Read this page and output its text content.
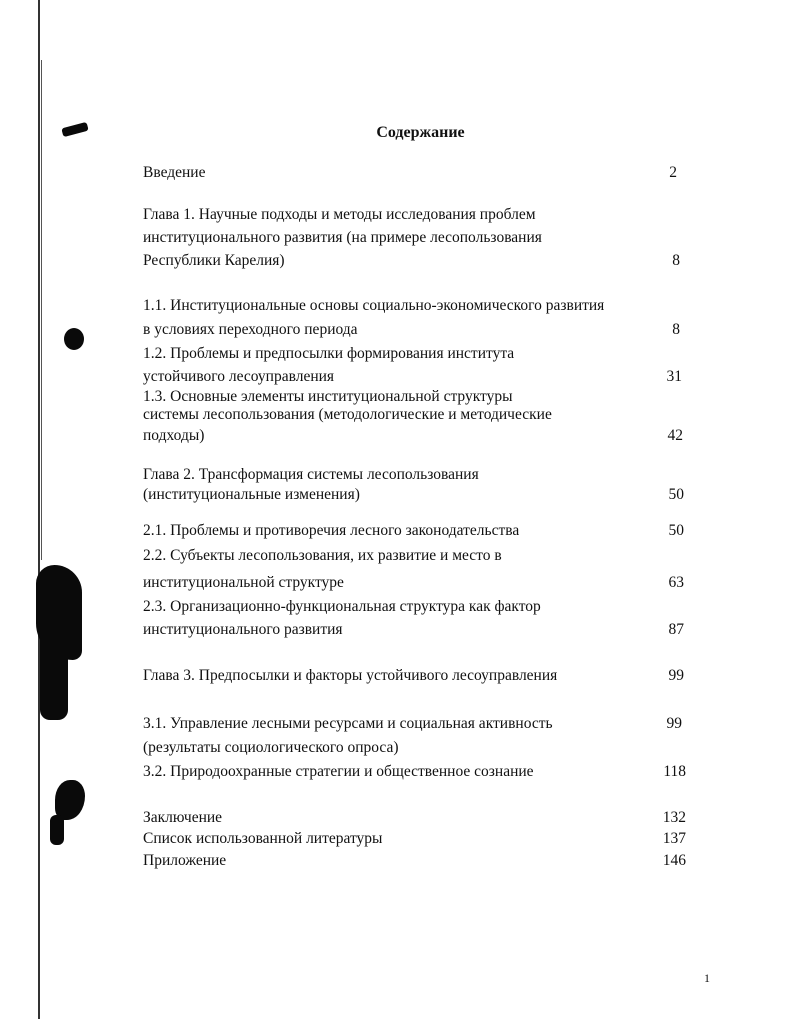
Содержание
Введение	2
Глава 1. Научные подходы и методы исследования проблем
институционального развития (на примере лесопользования
Республики Карелия)	8
1.1. Институциональные основы социально-экономического развития
в условиях переходного периода	8
1.2. Проблемы и предпосылки формирования института
устойчивого лесоуправления	31
1.3. Основные элементы институциональной структуры
системы лесопользования (методологические и методические
подходы)	42
Глава 2. Трансформация системы лесопользования
(институциональные изменения)	50
2.1. Проблемы и противоречия лесного законодательства	50
2.2. Субъекты лесопользования, их развитие и место в
институциональной структуре	63
2.3. Организационно-функциональная структура как фактор
институционального развития	87
Глава 3. Предпосылки и факторы устойчивого лесоуправления	99
3.1. Управление лесными ресурсами и социальная активность	99
(результаты социологического опроса)
3.2. Природоохранные стратегии и общественное сознание	118
Заключение	132
Список использованной литературы	137
Приложение	146
1
